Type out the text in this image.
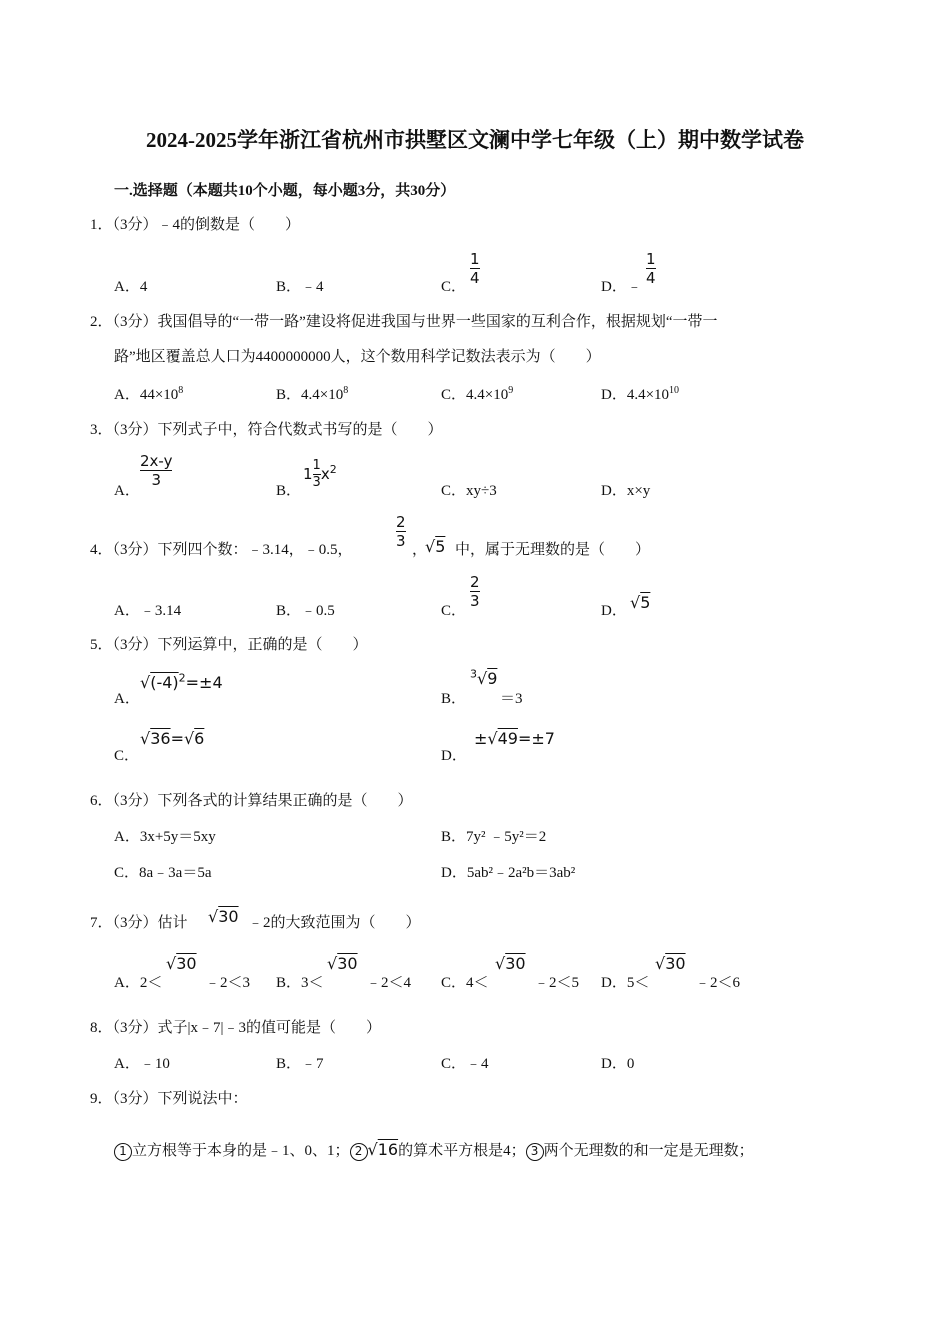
2024-2025学年浙江省杭州市拱墅区文澜中学七年级（上）期中数学试卷
一.选择题（本题共10个小题，每小题3分，共30分）
1．（3分）﹣4的倒数是（　　）
A．4	B．﹣4	C．
$\frac{1}{4}$
D．﹣
$\frac{1}{4}$
2．（3分）我国倡导的“一带一路”建设将促进我国与世界一些国家的互利合作，根据规划“一带一
路”地区覆盖总人口为4400000000人，这个数用科学记数法表示为（　　）
A．$44\times 10^8$	B．$4.4\times 10^8$	C．$4.4\times 10^9$	D．$4.4\times 10^{10}$
3．（3分）下列式子中，符合代数式书写的是（　　）
A．
$\frac{2x-y}{3}$
B．
$1 \frac{1}{3} x^2$
C．xy÷3	D．x×y
4．（3分）下列四个数：﹣3.14，﹣0.5，
$\frac{2}{3}$
，
√5 中，属于无理数的是（　　）
A．﹣3.14	B．﹣0.5	C．
$\frac{2}{3}$
D． √5
5．（3分）下列运算中，正确的是（　　）
A．
$√(-4)^2=\pm 4$
B．
$^3$√9
＝3
C．
√36=√6
D．
±√49=±7
6．（3分）下列各式的计算结果正确的是（　　）
A．3x+5y＝5xy	B．7y² ﹣5y²＝2
C．8a﹣3a＝5a	D．5ab²﹣2a²b＝3ab²
7．（3分）估计 √30 ﹣2的大致范围为（　　）
A．2＜
√30
﹣2＜3 B．3＜
√30
﹣2＜4 C．4＜
√30
﹣2＜5 D．5＜
√30
﹣2＜6
8．（3分）式子|x﹣7|﹣3的值可能是（　　）
A．﹣10	B．﹣7	C．﹣4	D．0
9．（3分）下列说法中：
1 立方根等于本身的是﹣1、0、1； 2 √16的算术平方根是4； 3 两个无理数的和一定是无理数；
